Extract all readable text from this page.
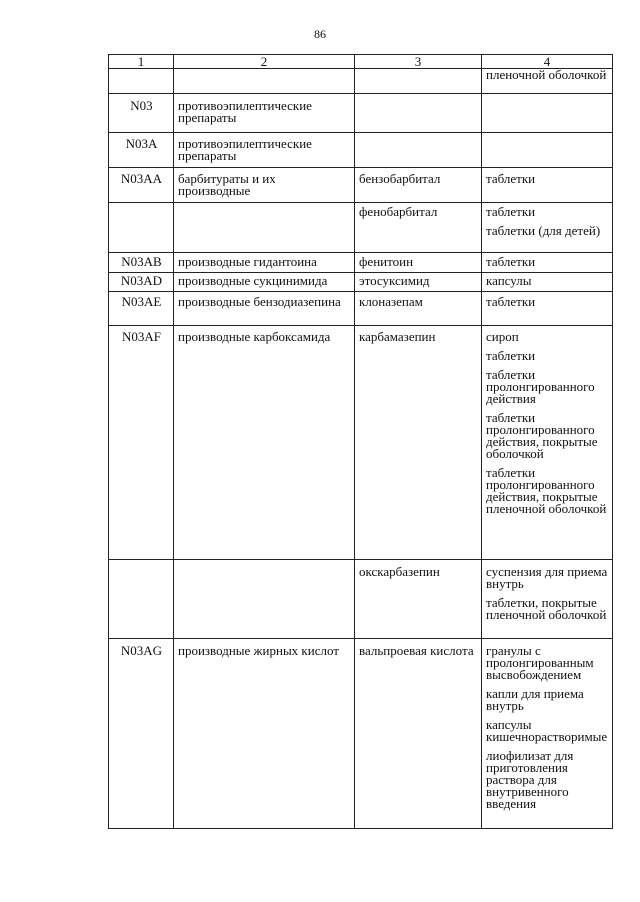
86
1	2	3	4

			пленочной оболочкой

N03	противоэпилептические препараты		
N03A	противоэпилептические препараты		
N03AA	барбитураты и их производные	бензобарбитал	таблетки

		фенобарбитал	таблетки
таблетки (для детей)

N03AB	производные гидантоина	фенитоин	таблетки

N03AD	производные сукцинимида	этосуксимид	капсулы

N03AE	производные бензодиазепина	клоназепам	таблетки

N03AF	производные карбоксамида	карбамазепин	сироп
таблетки
таблетки пролонгированного действия
таблетки пролонгированного действия, покрытые оболочкой
таблетки пролонгированного действия, покрытые пленочной оболочкой

		окскарбазепин	суспензия для приема внутрь
таблетки, покрытые пленочной оболочкой

N03AG	производные жирных кислот	вальпроевая кислота	гранулы с пролонгированным высвобождением
капли для приема внутрь
капсулы кишечнорастворимые
лиофилизат для приготовления раствора для внутривенного введения
